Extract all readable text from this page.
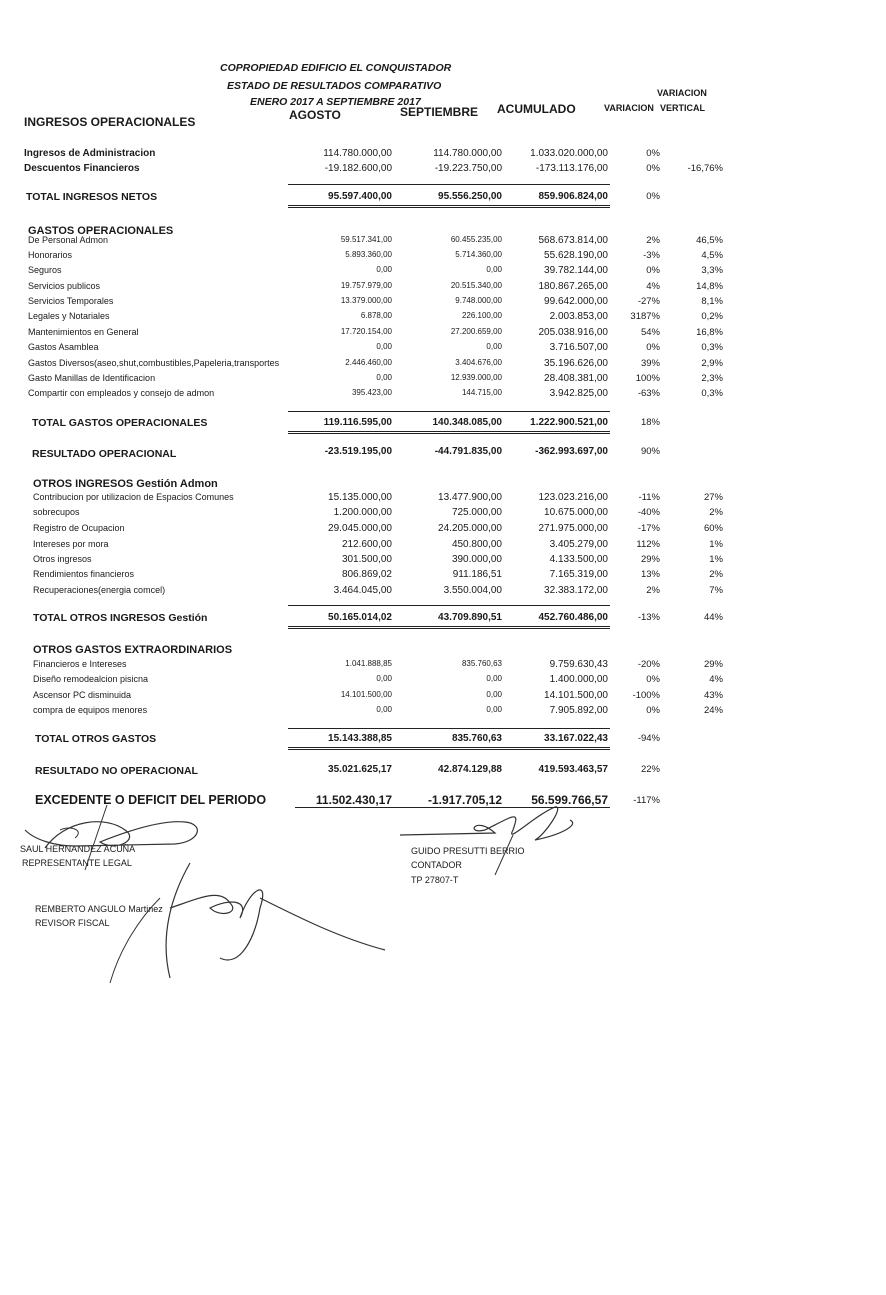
COPROPIEDAD EDIFICIO EL CONQUISTADOR
ESTADO DE RESULTADOS COMPARATIVO
ENERO 2017 A SEPTIEMBRE 2017
AGOSTO	SEPTIEMBRE ACUMULADO	VARIACION
VARIACION
VERTICAL
INGRESOS OPERACIONALES
GASTOS OPERACIONALES
OTROS INGRESOS Gestión Admon
OTROS GASTOS EXTRAORDINARIOS
SAUL HERNANDEZ ACUÑA
REPRESENTANTE LEGAL
GUIDO PRESUTTI BERRIO
CONTADOR
TP 27807-T
REMBERTO ANGULO Martinez
REVISOR FISCAL
Ingresos de Administracion	114.780.000,00	114.780.000,00	1.033.020.000,00	0%
Descuentos Financieros	-19.182.600,00	-19.223.750,00	-173.113.176,00	0%	-16,76%
TOTAL INGRESOS NETOS	95.597.400,00	95.556.250,00	859.906.824,00	0%
De Personal Admon	59.517.341,00	60.455.235,00	568.673.814,00	2%	46,5%
Honorarios	5.893.360,00	5.714.360,00	55.628.190,00	-3%	4,5%
Seguros	0,00	0,00	39.782.144,00	0%	3,3%
Servicios publicos	19.757.979,00	20.515.340,00	180.867.265,00	4%	14,8%
Servicios Temporales	13.379.000,00	9.748.000,00	99.642.000,00	-27%	8,1%
Legales y Notariales	6.878,00	226.100,00	2.003.853,00	3187%	0,2%
Mantenimientos en General	17.720.154,00	27.200.659,00	205.038.916,00	54%	16,8%
Gastos Asamblea	0,00	0,00	3.716.507,00	0%	0,3%
Gastos Diversos(aseo,shut,combustibles,Papeleria,transportes	2.446.460,00	3.404.676,00	35.196.626,00	39%	2,9%
Gasto Manillas de Identificacion	0,00	12.939.000,00	28.408.381,00	100%	2,3%
Compartir con empleados y consejo de admon	395.423,00	144.715,00	3.942.825,00	-63%	0,3%
TOTAL GASTOS OPERACIONALES	119.116.595,00	140.348.085,00	1.222.900.521,00	18%
Contribucion por utilizacion de Espacios Comunes	15.135.000,00	13.477.900,00	123.023.216,00	-11%	27%
sobrecupos	1.200.000,00	725.000,00	10.675.000,00	-40%	2%
Registro de Ocupacion	29.045.000,00	24.205.000,00	271.975.000,00	-17%	60%
Intereses por mora	212.600,00	450.800,00	3.405.279,00	112%	1%
Otros ingresos	301.500,00	390.000,00	4.133.500,00	29%	1%
Rendimientos financieros	806.869,02	911.186,51	7.165.319,00	13%	2%
Recuperaciones(energia comcel)	3.464.045,00	3.550.004,00	32.383.172,00	2%	7%
TOTAL OTROS INGRESOS Gestión	50.165.014,02	43.709.890,51	452.760.486,00	-13%	44%
Financieros e Intereses	1.041.888,85	835.760,63	9.759.630,43	-20%	29%
Diseño remodealcion pisicna	0,00	0,00	1.400.000,00	0%	4%
Ascensor PC disminuida	14.101.500,00	0,00	14.101.500,00	-100%	43%
compra de equipos menores	0,00	0,00	7.905.892,00	0%	24%
TOTAL OTROS GASTOS	15.143.388,85	835.760,63	33.167.022,43	-94%
RESULTADO OPERACIONAL	-23.519.195,00	-44.791.835,00	-362.993.697,00	90%
RESULTADO NO OPERACIONAL	35.021.625,17	42.874.129,88	419.593.463,57	22%
EXCEDENTE O DEFICIT DEL PERIODO	11.502.430,17	-1.917.705,12	56.599.766,57	-117%
